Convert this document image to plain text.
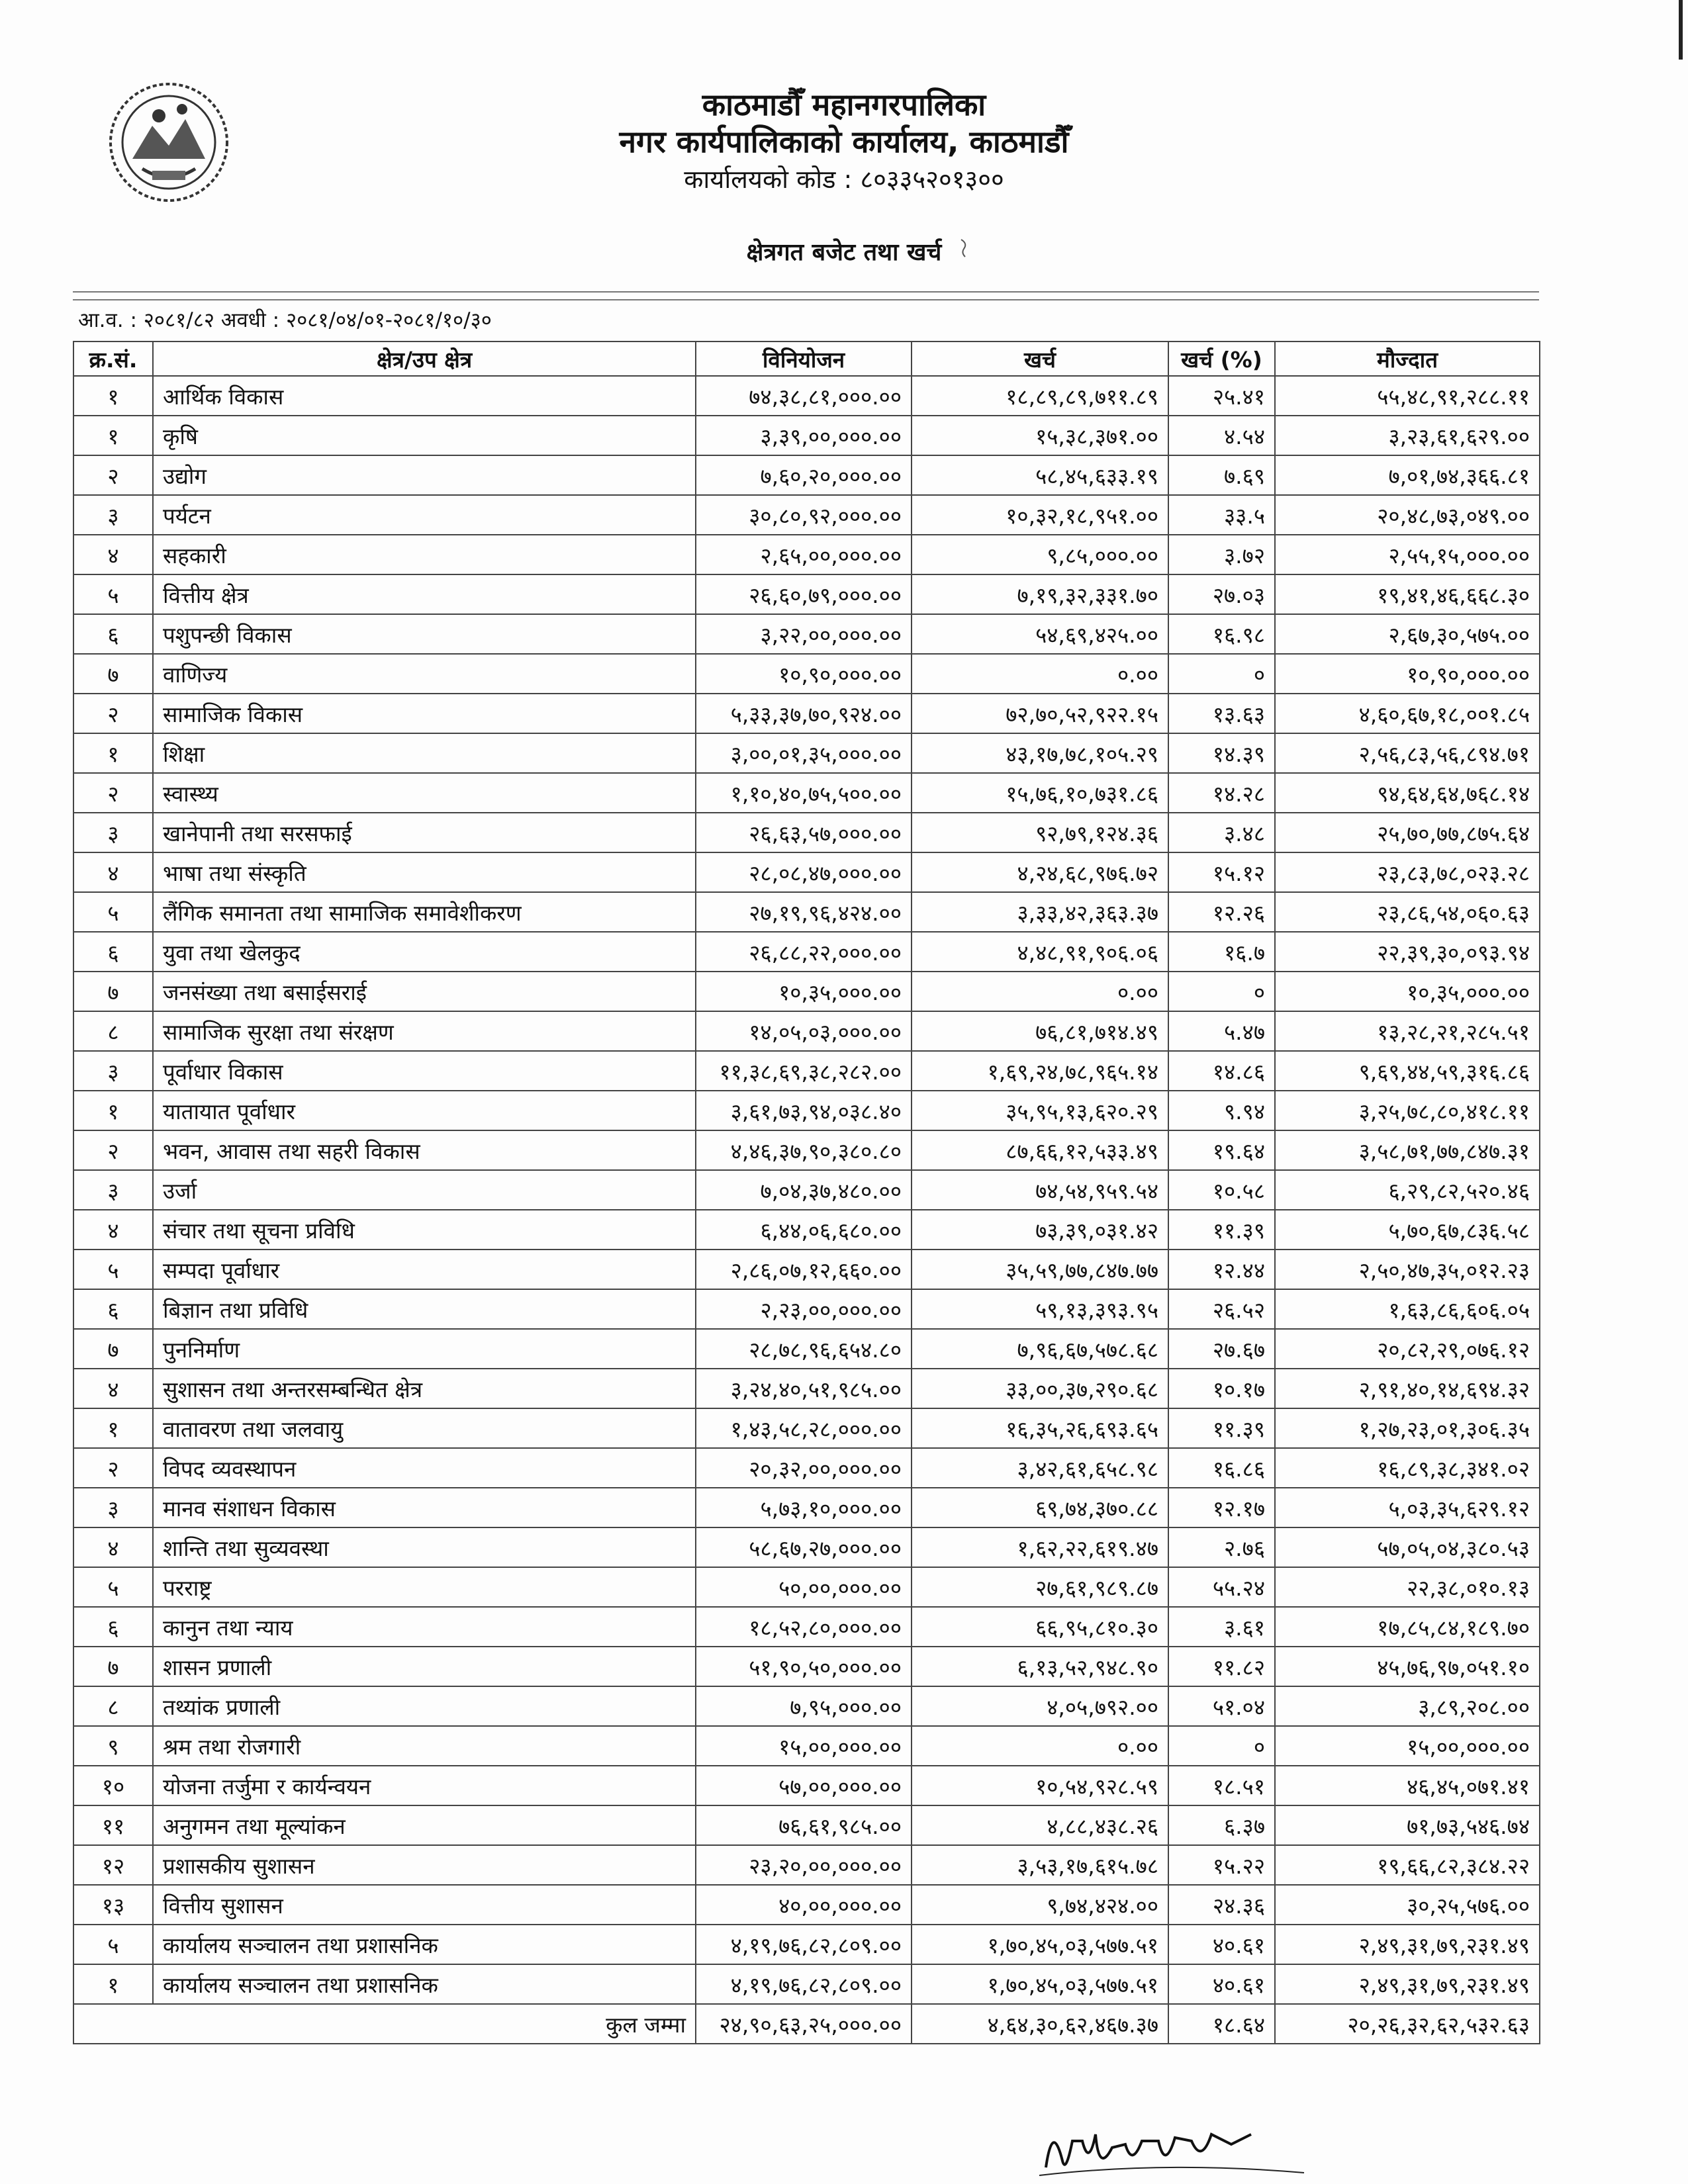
काठमाडौँ महानगरपालिका
नगर कार्यपालिकाको कार्यालय, काठमाडौँ
कार्यालयको कोड : ८०३३५२०१३००
क्षेत्रगत बजेट तथा खर्च
आ.व. : २०८१/८२ अवधी : २०८१/०४/०१-२०८१/१०/३०
क्र.सं.	क्षेत्र/उप क्षेत्र	विनियोजन	खर्च	खर्च (%)	मौज्दात
१	आर्थिक विकास	७४,३८,८१,०००.००	१८,८९,८९,७११.८९	२५.४१	५५,४८,९१,२८८.११
१	कृषि	३,३९,००,०००.००	१५,३८,३७१.००	४.५४	३,२३,६१,६२९.००
२	उद्योग	७,६०,२०,०००.००	५८,४५,६३३.१९	७.६९	७,०१,७४,३६६.८१
३	पर्यटन	३०,८०,९२,०००.००	१०,३२,१८,९५१.००	३३.५	२०,४८,७३,०४९.००
४	सहकारी	२,६५,००,०००.००	९,८५,०००.००	३.७२	२,५५,१५,०००.००
५	वित्तीय क्षेत्र	२६,६०,७९,०००.००	७,१९,३२,३३१.७०	२७.०३	१९,४१,४६,६६८.३०
६	पशुपन्छी विकास	३,२२,००,०००.००	५४,६९,४२५.००	१६.९८	२,६७,३०,५७५.००
७	वाणिज्य	१०,९०,०००.००	०.००	०	१०,९०,०००.००
२	सामाजिक विकास	५,३३,३७,७०,९२४.००	७२,७०,५२,९२२.१५	१३.६३	४,६०,६७,१८,००१.८५
१	शिक्षा	३,००,०१,३५,०००.००	४३,१७,७८,१०५.२९	१४.३९	२,५६,८३,५६,८९४.७१
२	स्वास्थ्य	१,१०,४०,७५,५००.००	१५,७६,१०,७३१.८६	१४.२८	९४,६४,६४,७६८.१४
३	खानेपानी तथा सरसफाई	२६,६३,५७,०००.००	९२,७९,१२४.३६	३.४८	२५,७०,७७,८७५.६४
४	भाषा तथा संस्कृति	२८,०८,४७,०००.००	४,२४,६८,९७६.७२	१५.१२	२३,८३,७८,०२३.२८
५	लैंगिक समानता तथा सामाजिक समावेशीकरण	२७,१९,९६,४२४.००	३,३३,४२,३६३.३७	१२.२६	२३,८६,५४,०६०.६३
६	युवा तथा खेलकुद	२६,८८,२२,०००.००	४,४८,९१,९०६.०६	१६.७	२२,३९,३०,०९३.९४
७	जनसंख्या तथा बसाईसराई	१०,३५,०००.००	०.००	०	१०,३५,०००.००
८	सामाजिक सुरक्षा तथा संरक्षण	१४,०५,०३,०००.००	७६,८१,७१४.४९	५.४७	१३,२८,२१,२८५.५१
३	पूर्वाधार विकास	११,३८,६९,३८,२८२.००	१,६९,२४,७८,९६५.१४	१४.८६	९,६९,४४,५९,३१६.८६
१	यातायात पूर्वाधार	३,६१,७३,९४,०३८.४०	३५,९५,१३,६२०.२९	९.९४	३,२५,७८,८०,४१८.११
२	भवन, आवास तथा सहरी विकास	४,४६,३७,९०,३८०.८०	८७,६६,१२,५३३.४९	१९.६४	३,५८,७१,७७,८४७.३१
३	उर्जा	७,०४,३७,४८०.००	७४,५४,९५९.५४	१०.५८	६,२९,८२,५२०.४६
४	संचार तथा सूचना प्रविधि	६,४४,०६,६८०.००	७३,३९,०३१.४२	११.३९	५,७०,६७,८३६.५८
५	सम्पदा पूर्वाधार	२,८६,०७,१२,६६०.००	३५,५९,७७,८४७.७७	१२.४४	२,५०,४७,३५,०१२.२३
६	बिज्ञान तथा प्रविधि	२,२३,००,०००.००	५९,१३,३९३.९५	२६.५२	१,६३,८६,६०६.०५
७	पुननिर्माण	२८,७८,९६,६५४.८०	७,९६,६७,५७८.६८	२७.६७	२०,८२,२९,०७६.१२
४	सुशासन तथा अन्तरसम्बन्धित क्षेत्र	३,२४,४०,५१,९८५.००	३३,००,३७,२९०.६८	१०.१७	२,९१,४०,१४,६९४.३२
१	वातावरण तथा जलवायु	१,४३,५८,२८,०००.००	१६,३५,२६,६९३.६५	११.३९	१,२७,२३,०१,३०६.३५
२	विपद व्यवस्थापन	२०,३२,००,०००.००	३,४२,६१,६५८.९८	१६.८६	१६,८९,३८,३४१.०२
३	मानव संशाधन विकास	५,७३,१०,०००.००	६९,७४,३७०.८८	१२.१७	५,०३,३५,६२९.१२
४	शान्ति तथा सुव्यवस्था	५८,६७,२७,०००.००	१,६२,२२,६१९.४७	२.७६	५७,०५,०४,३८०.५३
५	परराष्ट्र	५०,००,०००.००	२७,६१,९८९.८७	५५.२४	२२,३८,०१०.१३
६	कानुन तथा न्याय	१८,५२,८०,०००.००	६६,९५,८१०.३०	३.६१	१७,८५,८४,१८९.७०
७	शासन प्रणाली	५१,९०,५०,०००.००	६,१३,५२,९४८.९०	११.८२	४५,७६,९७,०५१.१०
८	तथ्यांक प्रणाली	७,९५,०००.००	४,०५,७९२.००	५१.०४	३,८९,२०८.००
९	श्रम तथा रोजगारी	१५,००,०००.००	०.००	०	१५,००,०००.००
१०	योजना तर्जुमा र कार्यन्वयन	५७,००,०००.००	१०,५४,९२८.५९	१८.५१	४६,४५,०७१.४१
११	अनुगमन तथा मूल्यांकन	७६,६१,९८५.००	४,८८,४३८.२६	६.३७	७१,७३,५४६.७४
१२	प्रशासकीय सुशासन	२३,२०,००,०००.००	३,५३,१७,६१५.७८	१५.२२	१९,६६,८२,३८४.२२
१३	वित्तीय सुशासन	४०,००,०००.००	९,७४,४२४.००	२४.३६	३०,२५,५७६.००
५	कार्यालय सञ्चालन तथा प्रशासनिक	४,१९,७६,८२,८०९.००	१,७०,४५,०३,५७७.५१	४०.६१	२,४९,३१,७९,२३१.४९
१	कार्यालय सञ्चालन तथा प्रशासनिक	४,१९,७६,८२,८०९.००	१,७०,४५,०३,५७७.५१	४०.६१	२,४९,३१,७९,२३१.४९
कुल जम्मा		२४,९०,६३,२५,०००.००	४,६४,३०,६२,४६७.३७	१८.६४	२०,२६,३२,६२,५३२.६३
